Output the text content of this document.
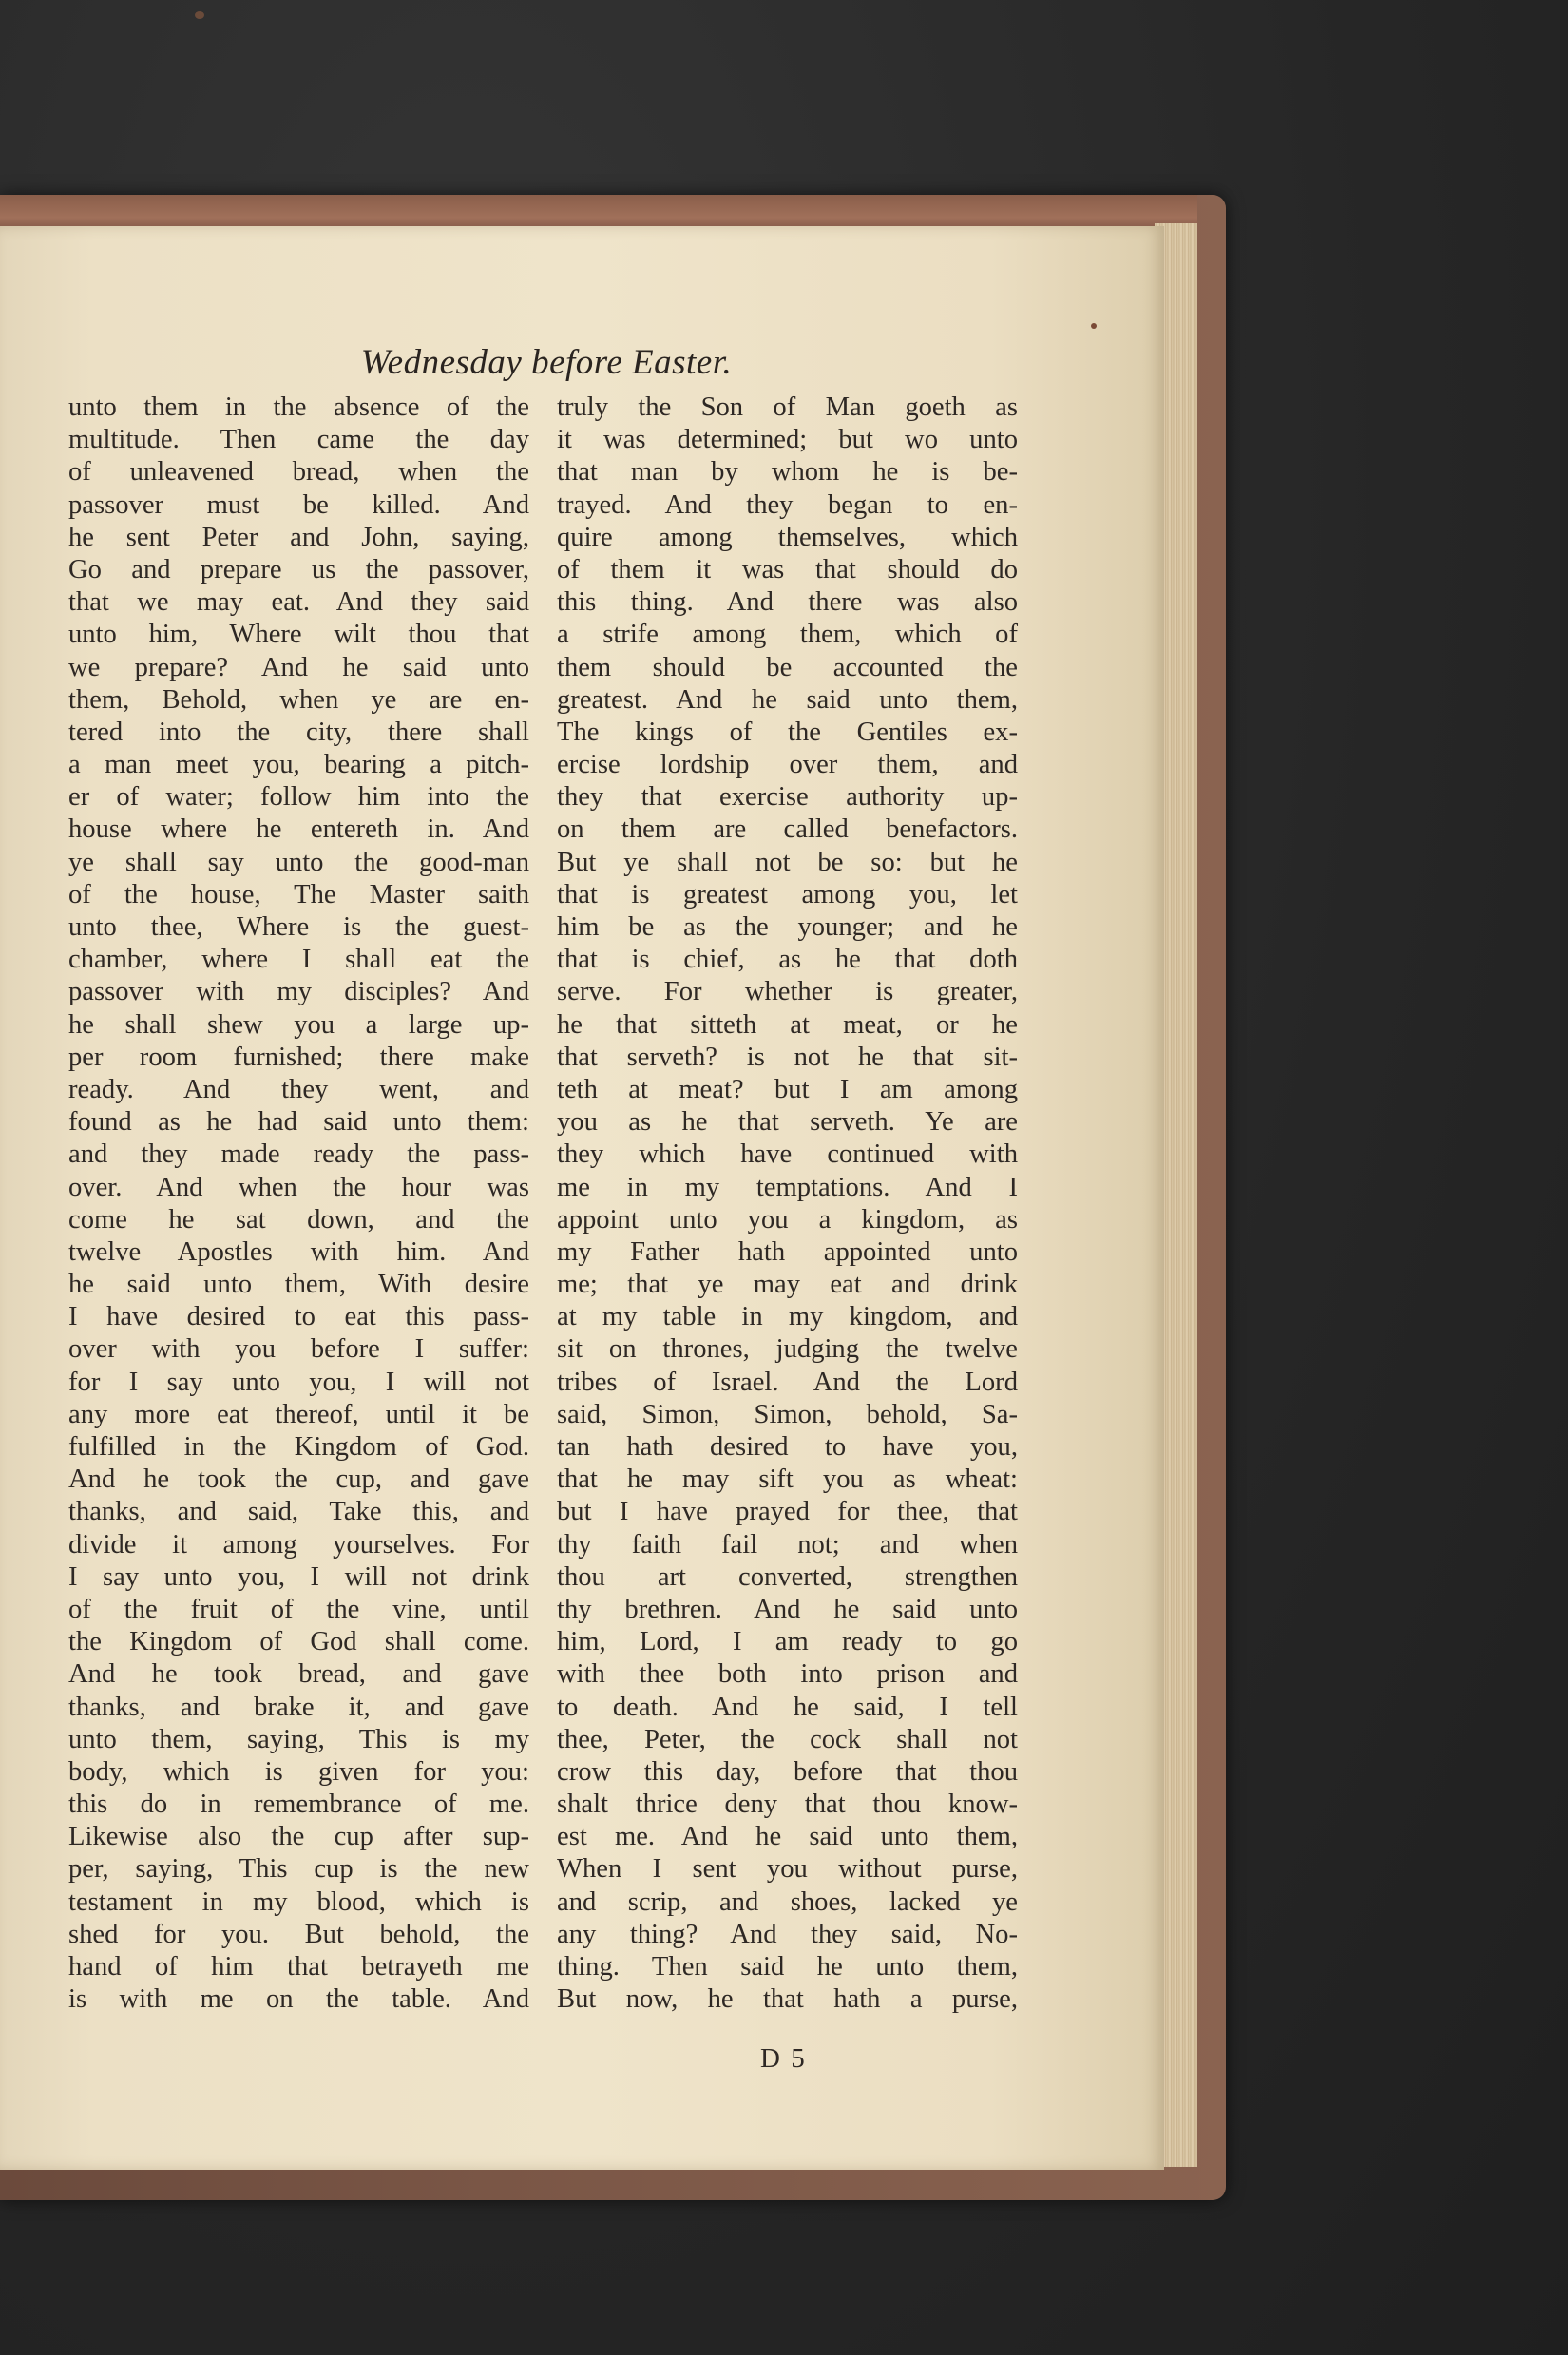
Wednesday before Easter.
unto them in the absence of the
multitude. Then came the day
of unleavened bread, when the
passover must be killed. And
he sent Peter and John, saying,
Go and prepare us the passover,
that we may eat. And they said
unto him, Where wilt thou that
we prepare? And he said unto
them, Behold, when ye are en-
tered into the city, there shall
a man meet you, bearing a pitch-
er of water; follow him into the
house where he entereth in. And
ye shall say unto the good-man
of the house, The Master saith
unto thee, Where is the guest-
chamber, where I shall eat the
passover with my disciples? And
he shall shew you a large up-
per room furnished; there make
ready. And they went, and
found as he had said unto them:
and they made ready the pass-
over. And when the hour was
come he sat down, and the
twelve Apostles with him. And
he said unto them, With desire
I have desired to eat this pass-
over with you before I suffer:
for I say unto you, I will not
any more eat thereof, until it be
fulfilled in the Kingdom of God.
And he took the cup, and gave
thanks, and said, Take this, and
divide it among yourselves. For
I say unto you, I will not drink
of the fruit of the vine, until
the Kingdom of God shall come.
And he took bread, and gave
thanks, and brake it, and gave
unto them, saying, This is my
body, which is given for you:
this do in remembrance of me.
Likewise also the cup after sup-
per, saying, This cup is the new
testament in my blood, which is
shed for you. But behold, the
hand of him that betrayeth me
is with me on the table. And
truly the Son of Man goeth as
it was determined; but wo unto
that man by whom he is be-
trayed. And they began to en-
quire among themselves, which
of them it was that should do
this thing. And there was also
a strife among them, which of
them should be accounted the
greatest. And he said unto them,
The kings of the Gentiles ex-
ercise lordship over them, and
they that exercise authority up-
on them are called benefactors.
But ye shall not be so: but he
that is greatest among you, let
him be as the younger; and he
that is chief, as he that doth
serve. For whether is greater,
he that sitteth at meat, or he
that serveth? is not he that sit-
teth at meat? but I am among
you as he that serveth. Ye are
they which have continued with
me in my temptations. And I
appoint unto you a kingdom, as
my Father hath appointed unto
me; that ye may eat and drink
at my table in my kingdom, and
sit on thrones, judging the twelve
tribes of Israel. And the Lord
said, Simon, Simon, behold, Sa-
tan hath desired to have you,
that he may sift you as wheat:
but I have prayed for thee, that
thy faith fail not; and when
thou art converted, strengthen
thy brethren. And he said unto
him, Lord, I am ready to go
with thee both into prison and
to death. And he said, I tell
thee, Peter, the cock shall not
crow this day, before that thou
shalt thrice deny that thou know-
est me. And he said unto them,
When I sent you without purse,
and scrip, and shoes, lacked ye
any thing? And they said, No-
thing. Then said he unto them,
But now, he that hath a purse,
D 5
